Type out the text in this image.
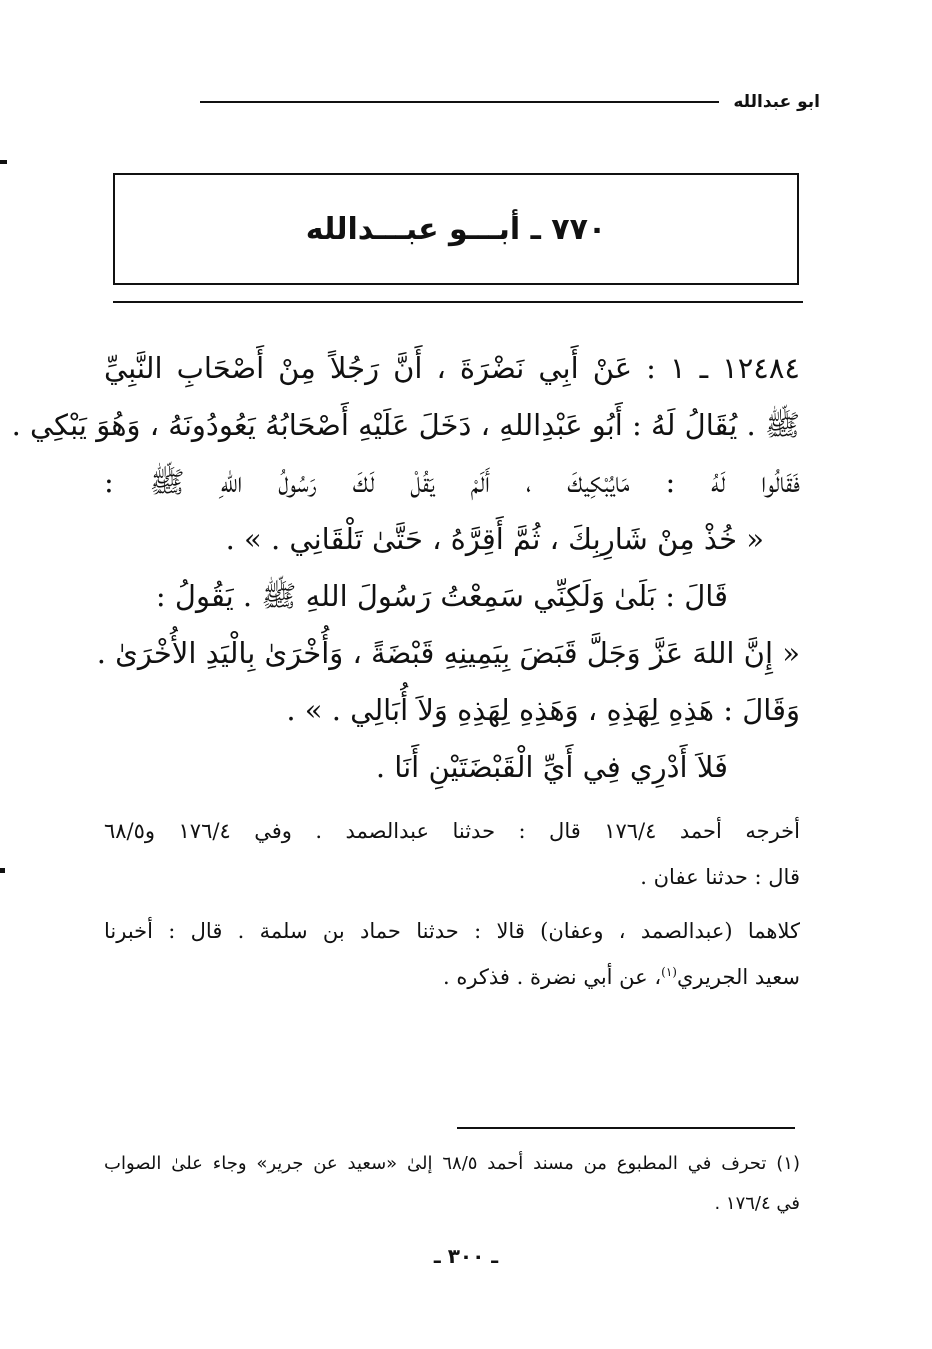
ابو عبدالله
٧٧٠ ـ أبـــو عبـــدالله
١٢٤٨٤ ـ ١ : عَنْ أَبِي نَضْرَةَ ، أَنَّ رَجُلاً مِنْ أَصْحَابِ النَّبِيِّ
ﷺ . يُقَالُ لَهُ : أَبُو عَبْدِاللهِ ، دَخَلَ عَلَيْهِ أَصْحَابُهُ يَعُودُونَهُ ، وَهُوَ يَبْكِي .
فَقَالُوا لَهُ : مَايُبْكِيكَ ، أَلَمْ يَقُلْ لَكَ رَسُولُ اللهِ ﷺ :
« خُذْ مِنْ شَارِبِكَ ، ثُمَّ أَقِرَّهُ ، حَتَّىٰ تَلْقَانِي . » .
قَالَ : بَلَىٰ وَلَكِنِّي سَمِعْتُ رَسُولَ اللهِ ﷺ . يَقُولُ :
« إِنَّ اللهَ عَزَّ وَجَلَّ قَبَضَ بِيَمِينِهِ قَبْضَةً ، وَأُخْرَىٰ بِالْيَدِ الأُخْرَىٰ .
وَقَالَ : هَذِهِ لِهَذِهِ ، وَهَذِهِ لِهَذِهِ وَلاَ أُبَالِي . » .
فَلاَ أَدْرِي فِي أَيِّ الْقَبْضَتَيْنِ أَنَا .
أخرجه أحمد ١٧٦/٤ قال : حدثنا عبدالصمد . وفي ١٧٦/٤ و٦٨/٥
قال : حدثنا عفان .
كلاهما (عبدالصمد ، وعفان) قالا : حدثنا حماد بن سلمة . قال : أخبرنا
سعيد الجريري$^{(١)}$، عن أبي نضرة . فذكره .
(١) تحرف في المطبوع من مسند أحمد ٦٨/٥ إلىٰ «سعيد عن جرير» وجاء علىٰ الصواب
في ١٧٦/٤ .
ـ ٣٠٠ ـ
